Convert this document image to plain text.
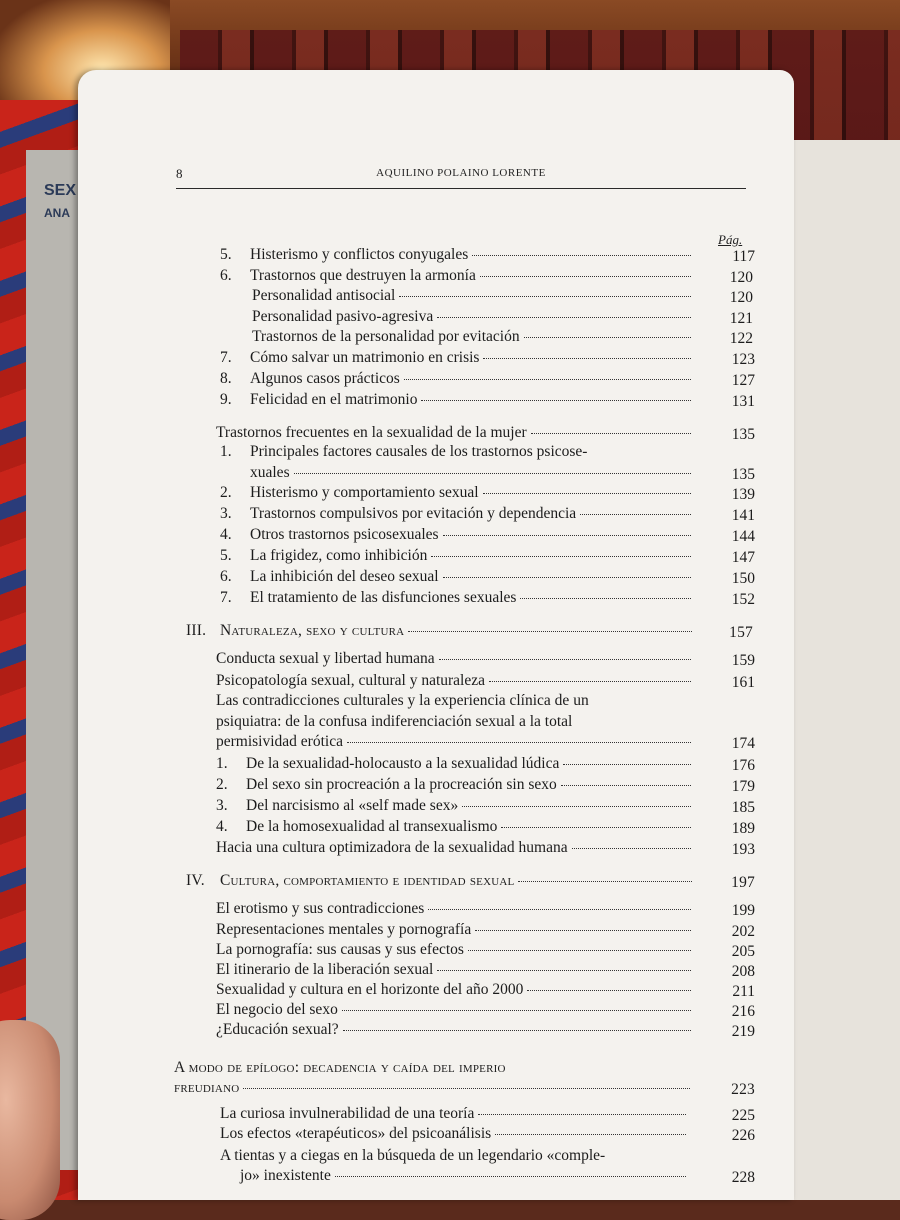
SEX
ANA
8	AQUILINO POLAINO LORENTE
Pág.
5.	Histerismo y conflictos conyugales	117
6.	Trastornos que destruyen la armonía	120
Personalidad antisocial	120
Personalidad pasivo-agresiva	121
Trastornos de la personalidad por evitación	122
7.	Cómo salvar un matrimonio en crisis	123
8.	Algunos casos prácticos	127
9.	Felicidad en el matrimonio	131
Trastornos frecuentes en la sexualidad de la mujer	135
1.	Principales factores causales de los trastornos psicose-
xuales	135
2.	Histerismo y comportamiento sexual	139
3.	Trastornos compulsivos por evitación y dependencia	141
4.	Otros trastornos psicosexuales	144
5.	La frigidez, como inhibición	147
6.	La inhibición del deseo sexual	150
7.	El tratamiento de las disfunciones sexuales	152
III. Naturaleza, sexo y cultura	157
Conducta sexual y libertad humana	159
Psicopatología sexual, cultural y naturaleza	161
Las contradicciones culturales y la experiencia clínica de un
psiquiatra: de la confusa indiferenciación sexual a la total
permisividad erótica	174
1.	De la sexualidad-holocausto a la sexualidad lúdica	176
2.	Del sexo sin procreación a la procreación sin sexo	179
3.	Del narcisismo al «self made sex»	185
4.	De la homosexualidad al transexualismo	189
Hacia una cultura optimizadora de la sexualidad humana	193
IV. Cultura, comportamiento e identidad sexual	197
El erotismo y sus contradicciones	199
Representaciones mentales y pornografía	202
La pornografía: sus causas y sus efectos	205
El itinerario de la liberación sexual	208
Sexualidad y cultura en el horizonte del año 2000	211
El negocio del sexo	216
¿Educación sexual?	219
A modo de epílogo: decadencia y caída del imperio
freudiano	223
La curiosa invulnerabilidad de una teoría	225
Los efectos «terapéuticos» del psicoanálisis	226
A tientas y a ciegas en la búsqueda de un legendario «comple-
jo» inexistente	228
